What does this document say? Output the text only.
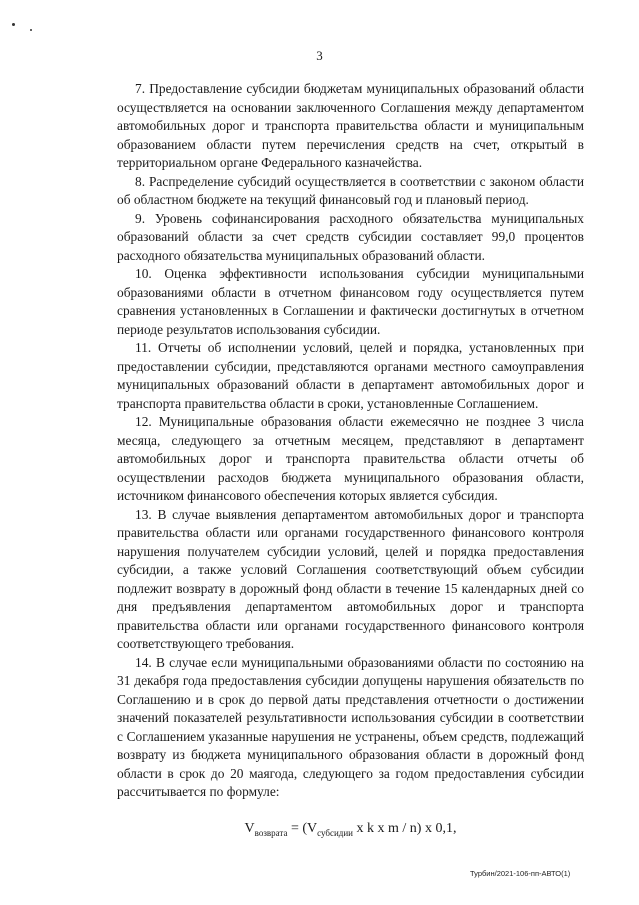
3

7. Предоставление субсидии бюджетам муниципальных образований области осуществляется на основании заключенного Соглашения между департаментом автомобильных дорог и транспорта правительства области и муниципальным образованием области путем перечисления средств на счет, открытый в территориальном органе Федерального казначейства.

8. Распределение субсидий осуществляется в соответствии с законом области об областном бюджете на текущий финансовый год и плановый период.

9. Уровень софинансирования расходного обязательства муниципальных образований области за счет средств субсидии составляет 99,0 процентов расходного обязательства муниципальных образований области.

10. Оценка эффективности использования субсидии муниципальными образованиями области в отчетном финансовом году осуществляется путем сравнения установленных в Соглашении и фактически достигнутых в отчетном периоде результатов использования субсидии.

11. Отчеты об исполнении условий, целей и порядка, установленных при предоставлении субсидии, представляются органами местного самоуправления муниципальных образований области в департамент автомобильных дорог и транспорта правительства области в сроки, установленные Соглашением.

12. Муниципальные образования области ежемесячно не позднее 3 числа месяца, следующего за отчетным месяцем, представляют в департамент автомобильных дорог и транспорта правительства области отчеты об осуществлении расходов бюджета муниципального образования области, источником финансового обеспечения которых является субсидия.

13. В случае выявления департаментом автомобильных дорог и транспорта правительства области или органами государственного финансового контроля нарушения получателем субсидии условий, целей и порядка предоставления субсидии, а также условий Соглашения соответствующий объем субсидии подлежит возврату в дорожный фонд области в течение 15 календарных дней со дня предъявления департаментом автомобильных дорог и транспорта правительства области или органами государственного финансового контроля соответствующего требования.

14. В случае если муниципальными образованиями области по состоянию на 31 декабря года предоставления субсидии допущены нарушения обязательств по Соглашению и в срок до первой даты представления отчетности о достижении значений показателей результативности использования субсидии в соответствии с Соглашением указанные нарушения не устранены, объем средств, подлежащий возврату из бюджета муниципального образования области в дорожный фонд области в срок до 20 маягода, следующего за годом предоставления субсидии рассчитывается по формуле:

$V_{возврата} = (V_{субсидии}$ x k x m / n) x 0,1,
Турбин/2021-106-пп-АВТО(1)
